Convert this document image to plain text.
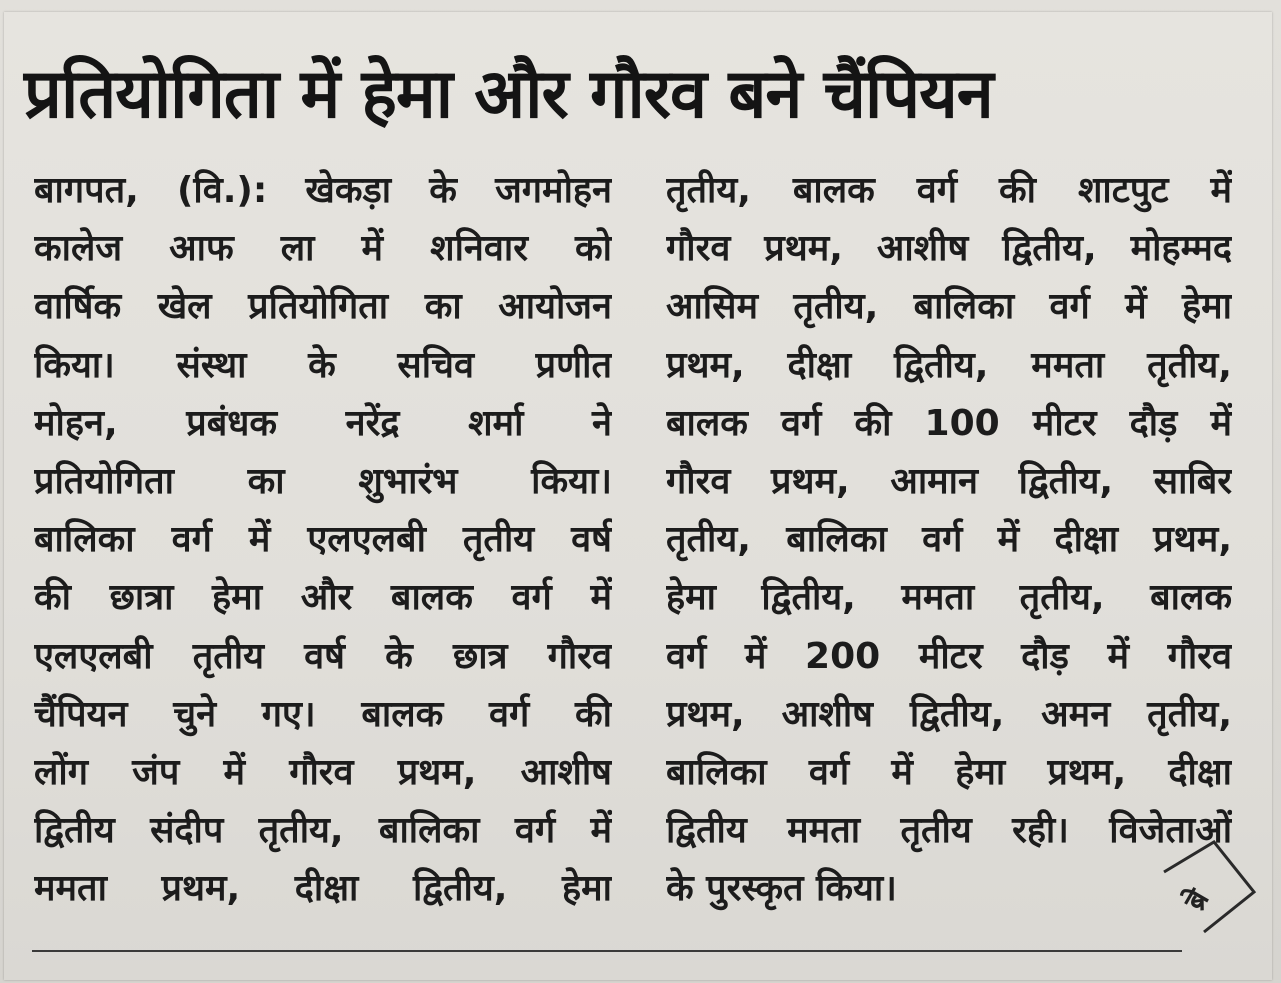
प्रतियोगिता में हेमा और गौरव बने चैंपियन
बागपत, (वि.): खेकड़ा के जगमोहन
कालेज आफ ला में शनिवार को
वार्षिक खेल प्रतियोगिता का आयोजन
किया। संस्था के सचिव प्रणीत
मोहन, प्रबंधक नरेंद्र शर्मा ने
प्रतियोगिता का शुभारंभ किया।
बालिका वर्ग में एलएलबी तृतीय वर्ष
की छात्रा हेमा और बालक वर्ग में
एलएलबी तृतीय वर्ष के छात्र गौरव
चैंपियन चुने गए। बालक वर्ग की
लोंग जंप में गौरव प्रथम, आशीष
द्वितीय संदीप तृतीय, बालिका वर्ग में
ममता प्रथम, दीक्षा द्वितीय, हेमा
तृतीय, बालक वर्ग की शाटपुट में
गौरव प्रथम, आशीष द्वितीय, मोहम्मद
आसिम तृतीय, बालिका वर्ग में हेमा
प्रथम, दीक्षा द्वितीय, ममता तृतीय,
बालक वर्ग की 100 मीटर दौड़ में
गौरव प्रथम, आमान द्वितीय, साबिर
तृतीय, बालिका वर्ग में दीक्षा प्रथम,
हेमा द्वितीय, ममता तृतीय, बालक
वर्ग में 200 मीटर दौड़ में गौरव
प्रथम, आशीष द्वितीय, अमन तृतीय,
बालिका वर्ग में हेमा प्रथम, दीक्षा
द्वितीय ममता तृतीय रही। विजेताओं
के पुरस्कृत किया।	ब्रे
